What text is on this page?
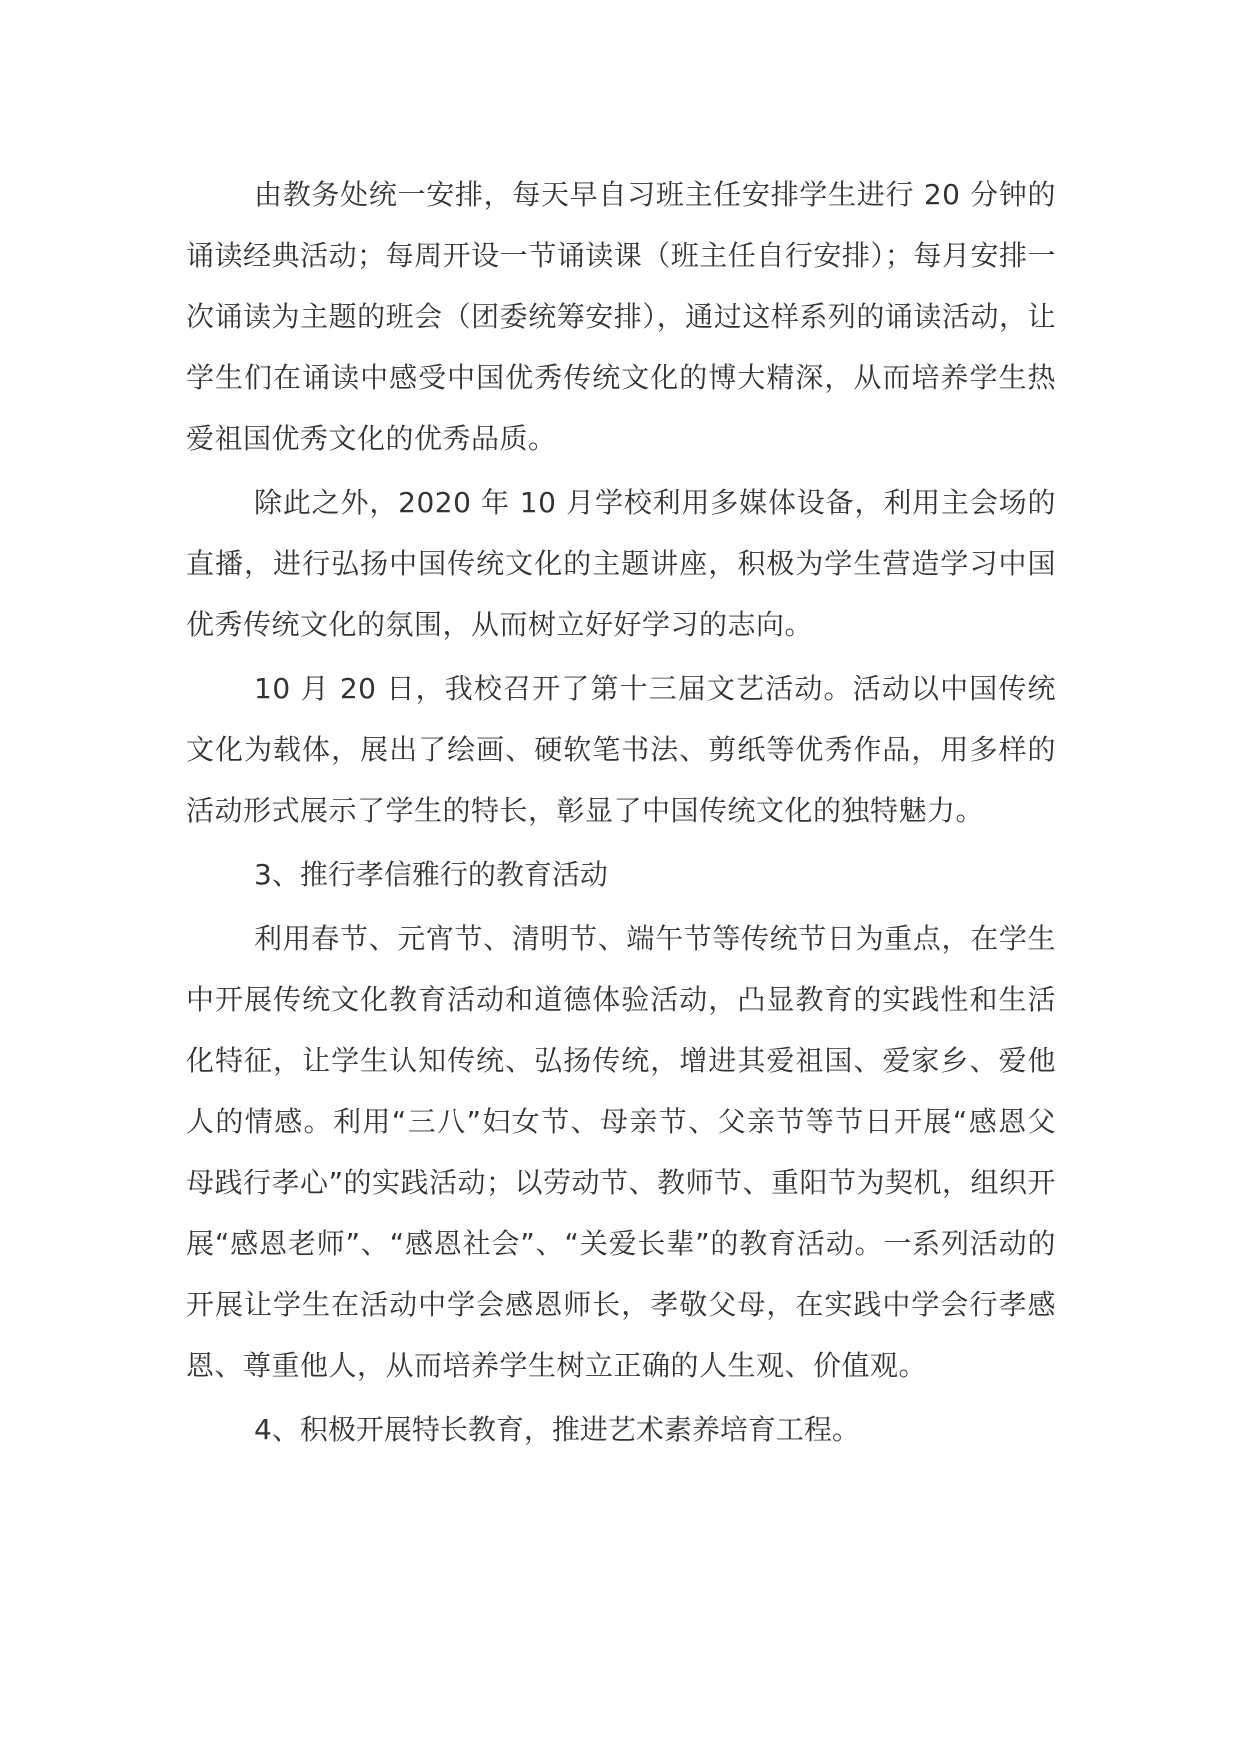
由教务处统一安排，每天早自习班主任安排学生进行 20 分钟的诵读经典活动；每周开设一节诵读课（班主任自行安排）；每月安排一次诵读为主题的班会（团委统筹安排），通过这样系列的诵读活动，让学生们在诵读中感受中国优秀传统文化的博大精深，从而培养学生热爱祖国优秀文化的优秀品质。

除此之外，2020 年 10 月学校利用多媒体设备，利用主会场的直播，进行弘扬中国传统文化的主题讲座，积极为学生营造学习中国优秀传统文化的氛围，从而树立好好学习的志向。

10 月 20 日，我校召开了第十三届文艺活动。活动以中国传统文化为载体，展出了绘画、硬软笔书法、剪纸等优秀作品，用多样的活动形式展示了学生的特长，彰显了中国传统文化的独特魅力。

3、推行孝信雅行的教育活动

利用春节、元宵节、清明节、端午节等传统节日为重点，在学生中开展传统文化教育活动和道德体验活动，凸显教育的实践性和生活化特征，让学生认知传统、弘扬传统，增进其爱祖国、爱家乡、爱他人的情感。利用“三八”妇女节、母亲节、父亲节等节日开展“感恩父母践行孝心”的实践活动；以劳动节、教师节、重阳节为契机，组织开展“感恩老师”、“感恩社会”、“关爱长辈”的教育活动。一系列活动的开展让学生在活动中学会感恩师长，孝敬父母，在实践中学会行孝感恩、尊重他人，从而培养学生树立正确的人生观、价值观。

4、积极开展特长教育，推进艺术素养培育工程。
